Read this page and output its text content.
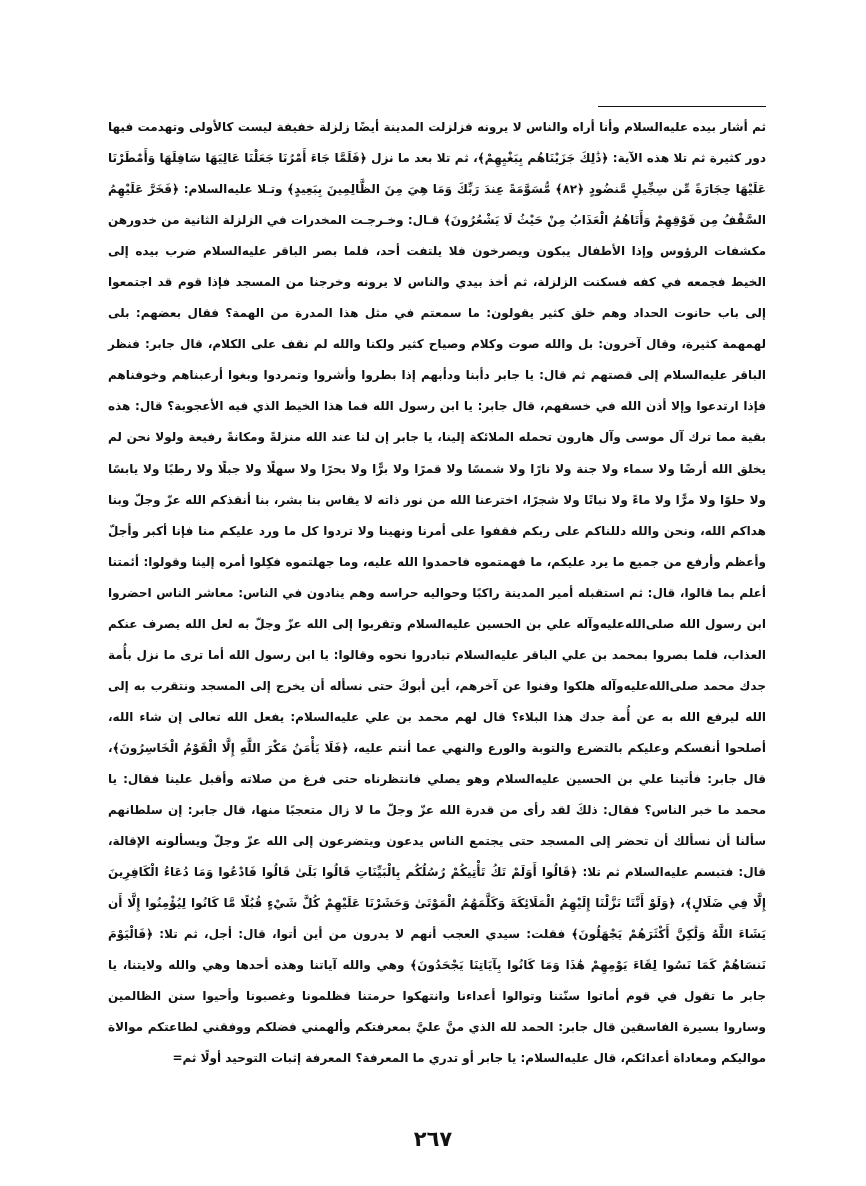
ثم أشار بيده عليه‌السلام وأنا أراه والناس لا يرونه فزلزلت المدينة أيضًا زلزلة خفيفة ليست كالأولى وتهدمت فيها دور كثيرة ثم تلا هذه الآية: ﴿ذَٰلِكَ جَزَيْنَاهُم بِبَغْيِهِمْ﴾، ثم تلا بعد ما نزل ﴿فَلَمَّا جَاءَ أَمْرُنَا جَعَلْنَا عَالِيَهَا سَافِلَهَا وَأَمْطَرْنَا عَلَيْهَا حِجَارَةً مِّن سِجِّيلٍ مَّنضُودٍ ﴿٨٢﴾ مُّسَوَّمَةً عِندَ رَبِّكَ وَمَا هِيَ مِنَ الظَّالِمِينَ بِبَعِيدٍ﴾ وتـلا عليه‌السلام: ﴿فَخَرَّ عَلَيْهِمُ السَّقْفُ مِن فَوْقِهِمْ وَأَتَاهُمُ الْعَذَابُ مِنْ حَيْثُ لَا يَشْعُرُونَ﴾ قـال: وخـرجـت المخدرات في الزلزلة الثانية من خدورهن مكشفات الرؤوس وإذا الأطفال يبكون ويصرخون فلا يلتفت أحد، فلما بصر الباقر عليه‌السلام ضرب بيده إلى الخيط فجمعه في كفه فسكنت الزلزلة، ثم أخذ بيدي والناس لا يرونه وخرجنا من المسجد فإذا قوم قد اجتمعوا إلى باب حانوت الحداد وهم خلق كثير يقولون: ما سمعتم في مثل هذا المدرة من الهمة؟ فقال بعضهم: بلى لهمهمة كثيرة، وقال آخرون: بل والله صوت وكلام وصياح كثير ولكنا والله لم نقف على الكلام، قال جابر: فنظر الباقر عليه‌السلام إلى قصتهم ثم قال: يا جابر دأبنا ودأبهم إذا بطروا وأشروا وتمردوا وبغوا أرعبناهم وخوفناهم فإذا ارتدعوا وإلا أذن الله في خسفهم، قال جابر: يا ابن رسول الله فما هذا الخيط الذي فيه الأعجوبة؟ قال: هذه بقية مما ترك آل موسى وآل هارون تحمله الملائكة إلينا، يا جابر إن لنا عند الله منزلةً ومكانةً رفيعة ولولا نحن لم يخلق الله أرضًا ولا سماء ولا جنة ولا نارًا ولا شمسًا ولا قمرًا ولا برًّا ولا بحرًا ولا سهلًا ولا جبلًا ولا رطبًا ولا يابسًا ولا حلوًا ولا مرًّا ولا ماءً ولا نباتًا ولا شجرًا، اخترعنا الله من نور ذاته لا يقاس بنا بشر، بنا أنقذكم الله عزّ وجلّ وبنا هداكم الله، ونحن والله دللناكم على ربكم فقفوا على أمرنا ونهينا ولا تردوا كل ما ورد عليكم منا فإنا أكبر وأجلّ وأعظم وأرفع من جميع ما يرد عليكم، ما فهمتموه فاحمدوا الله عليه، وما جهلتموه فكِلوا أمره إلينا وقولوا: أئمتنا أعلم بما قالوا، قال: ثم استقبله أمير المدينة راكبًا وحواليه حراسه وهم ينادون في الناس: معاشر الناس احضروا ابن رسول الله صلى‌الله‌عليه‌وآله علي بن الحسين عليه‌السلام وتقربوا إلى الله عزّ وجلّ به لعل الله يصرف عنكم العذاب، فلما بصروا بمحمد بن علي الباقر عليه‌السلام تبادروا نحوه وقالوا: يا ابن رسول الله أما ترى ما نزل بأُمة جدك محمد صلى‌الله‌عليه‌وآله هلكوا وفنوا عن آخرهم، أين أبوكَ حتى نسأله أن يخرج إلى المسجد ونتقرب به إلى الله ليرفع الله به عن أُمة جدك هذا البلاء؟ قال لهم محمد بن علي عليه‌السلام: يفعل الله تعالى إن شاء الله، أصلحوا أنفسكم وعليكم بالتضرع والتوبة والورع والنهي عما أنتم عليه، ﴿فَلَا يَأْمَنُ مَكْرَ اللَّهِ إِلَّا الْقَوْمُ الْخَاسِرُونَ﴾، قال جابر: فأتينا علي بن الحسين عليه‌السلام وهو يصلي فانتظرناه حتى فرغ من صلاته وأقبل علينا فقال: يا محمد ما خبر الناس؟ فقال: ذلكَ لقد رأى من قدرة الله عزّ وجلّ ما لا زال متعجبًا منها، قال جابر: إن سلطانهم سألنا أن نسألك أن تحضر إلى المسجد حتى يجتمع الناس يدعون ويتضرعون إلى الله عزّ وجلّ ويسألونه الإقالة، قال: فتبسم عليه‌السلام ثم تلا: ﴿قَالُوا أَوَلَمْ تَكُ تَأْتِيكُمْ رُسُلُكُم بِالْبَيِّنَاتِ قَالُوا بَلَىٰ قَالُوا فَادْعُوا وَمَا دُعَاءُ الْكَافِرِينَ إِلَّا فِي ضَلَالٍ﴾، ﴿وَلَوْ أَنَّنَا نَزَّلْنَا إِلَيْهِمُ الْمَلَائِكَةَ وَكَلَّمَهُمُ الْمَوْتَىٰ وَحَشَرْنَا عَلَيْهِمْ كُلَّ شَيْءٍ قُبُلًا مَّا كَانُوا لِيُؤْمِنُوا إِلَّا أَن يَشَاءَ اللَّهُ وَلَٰكِنَّ أَكْثَرَهُمْ يَجْهَلُونَ﴾ فقلت: سيدي العجب أنهم لا يدرون من أين أتوا، قال: أجل، ثم تلا: ﴿فَالْيَوْمَ نَنسَاهُمْ كَمَا نَسُوا لِقَاءَ يَوْمِهِمْ هَٰذَا وَمَا كَانُوا بِآيَاتِنَا يَجْحَدُونَ﴾ وهي والله آياتنا وهذه أحدها وهي والله ولايتنا، يا جابر ما تقول في قوم أماتوا سنّتنا وتوالوا أعداءنا وانتهكوا حرمتنا فظلمونا وغصبونا وأحيوا سنن الظالمين وساروا بسيرة الفاسقين قال جابر: الحمد لله الذي منَّ عليَّ بمعرفتكم وألهمني فضلكم ووفقني لطاعتكم موالاة مواليكم ومعاداة أعدائكم، قال عليه‌السلام: يا جابر أو تدري ما المعرفة؟ المعرفة إثبات التوحيد أولًا ثم=

٢٦٧
